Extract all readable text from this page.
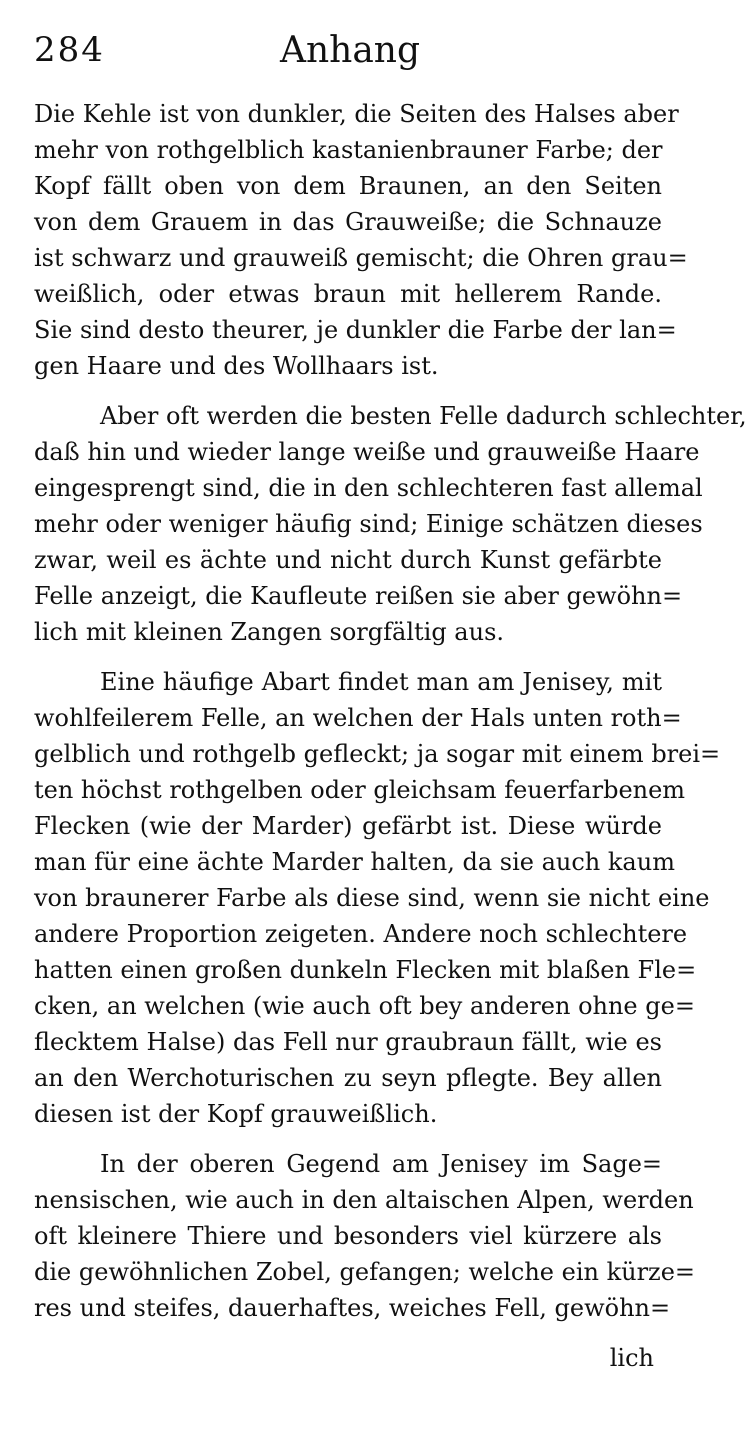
284	Anhang
Die Kehle ist von dunkler, die Seiten des Halses aber
mehr von rothgelblich kastanienbrauner Farbe; der
Kopf fällt oben von dem Braunen, an den Seiten
von dem Grauem in das Grauweiße; die Schnauze
ist schwarz und grauweiß gemischt; die Ohren grau=
weißlich, oder etwas braun mit hellerem Rande.
Sie sind desto theurer, je dunkler die Farbe der lan=
gen Haare und des Wollhaars ist.
Aber oft werden die besten Felle dadurch schlechter,
daß hin und wieder lange weiße und grauweiße Haare
eingesprengt sind, die in den schlechteren fast allemal
mehr oder weniger häufig sind; Einige schätzen dieses
zwar, weil es ächte und nicht durch Kunst gefärbte
Felle anzeigt, die Kaufleute reißen sie aber gewöhn=
lich mit kleinen Zangen sorgfältig aus.
Eine häufige Abart findet man am Jenisey, mit
wohlfeilerem Felle, an welchen der Hals unten roth=
gelblich und rothgelb gefleckt; ja sogar mit einem brei=
ten höchst rothgelben oder gleichsam feuerfarbenem
Flecken (wie der Marder) gefärbt ist. Diese würde
man für eine ächte Marder halten, da sie auch kaum
von braunerer Farbe als diese sind, wenn sie nicht eine
andere Proportion zeigeten. Andere noch schlechtere
hatten einen großen dunkeln Flecken mit blaßen Fle=
cken, an welchen (wie auch oft bey anderen ohne ge=
flecktem Halse) das Fell nur graubraun fällt, wie es
an den Werchoturischen zu seyn pflegte. Bey allen
diesen ist der Kopf grauweißlich.
In der oberen Gegend am Jenisey im Sage=
nensischen, wie auch in den altaischen Alpen, werden
oft kleinere Thiere und besonders viel kürzere als
die gewöhnlichen Zobel, gefangen; welche ein kürze=
res und steifes, dauerhaftes, weiches Fell, gewöhn=
lich
